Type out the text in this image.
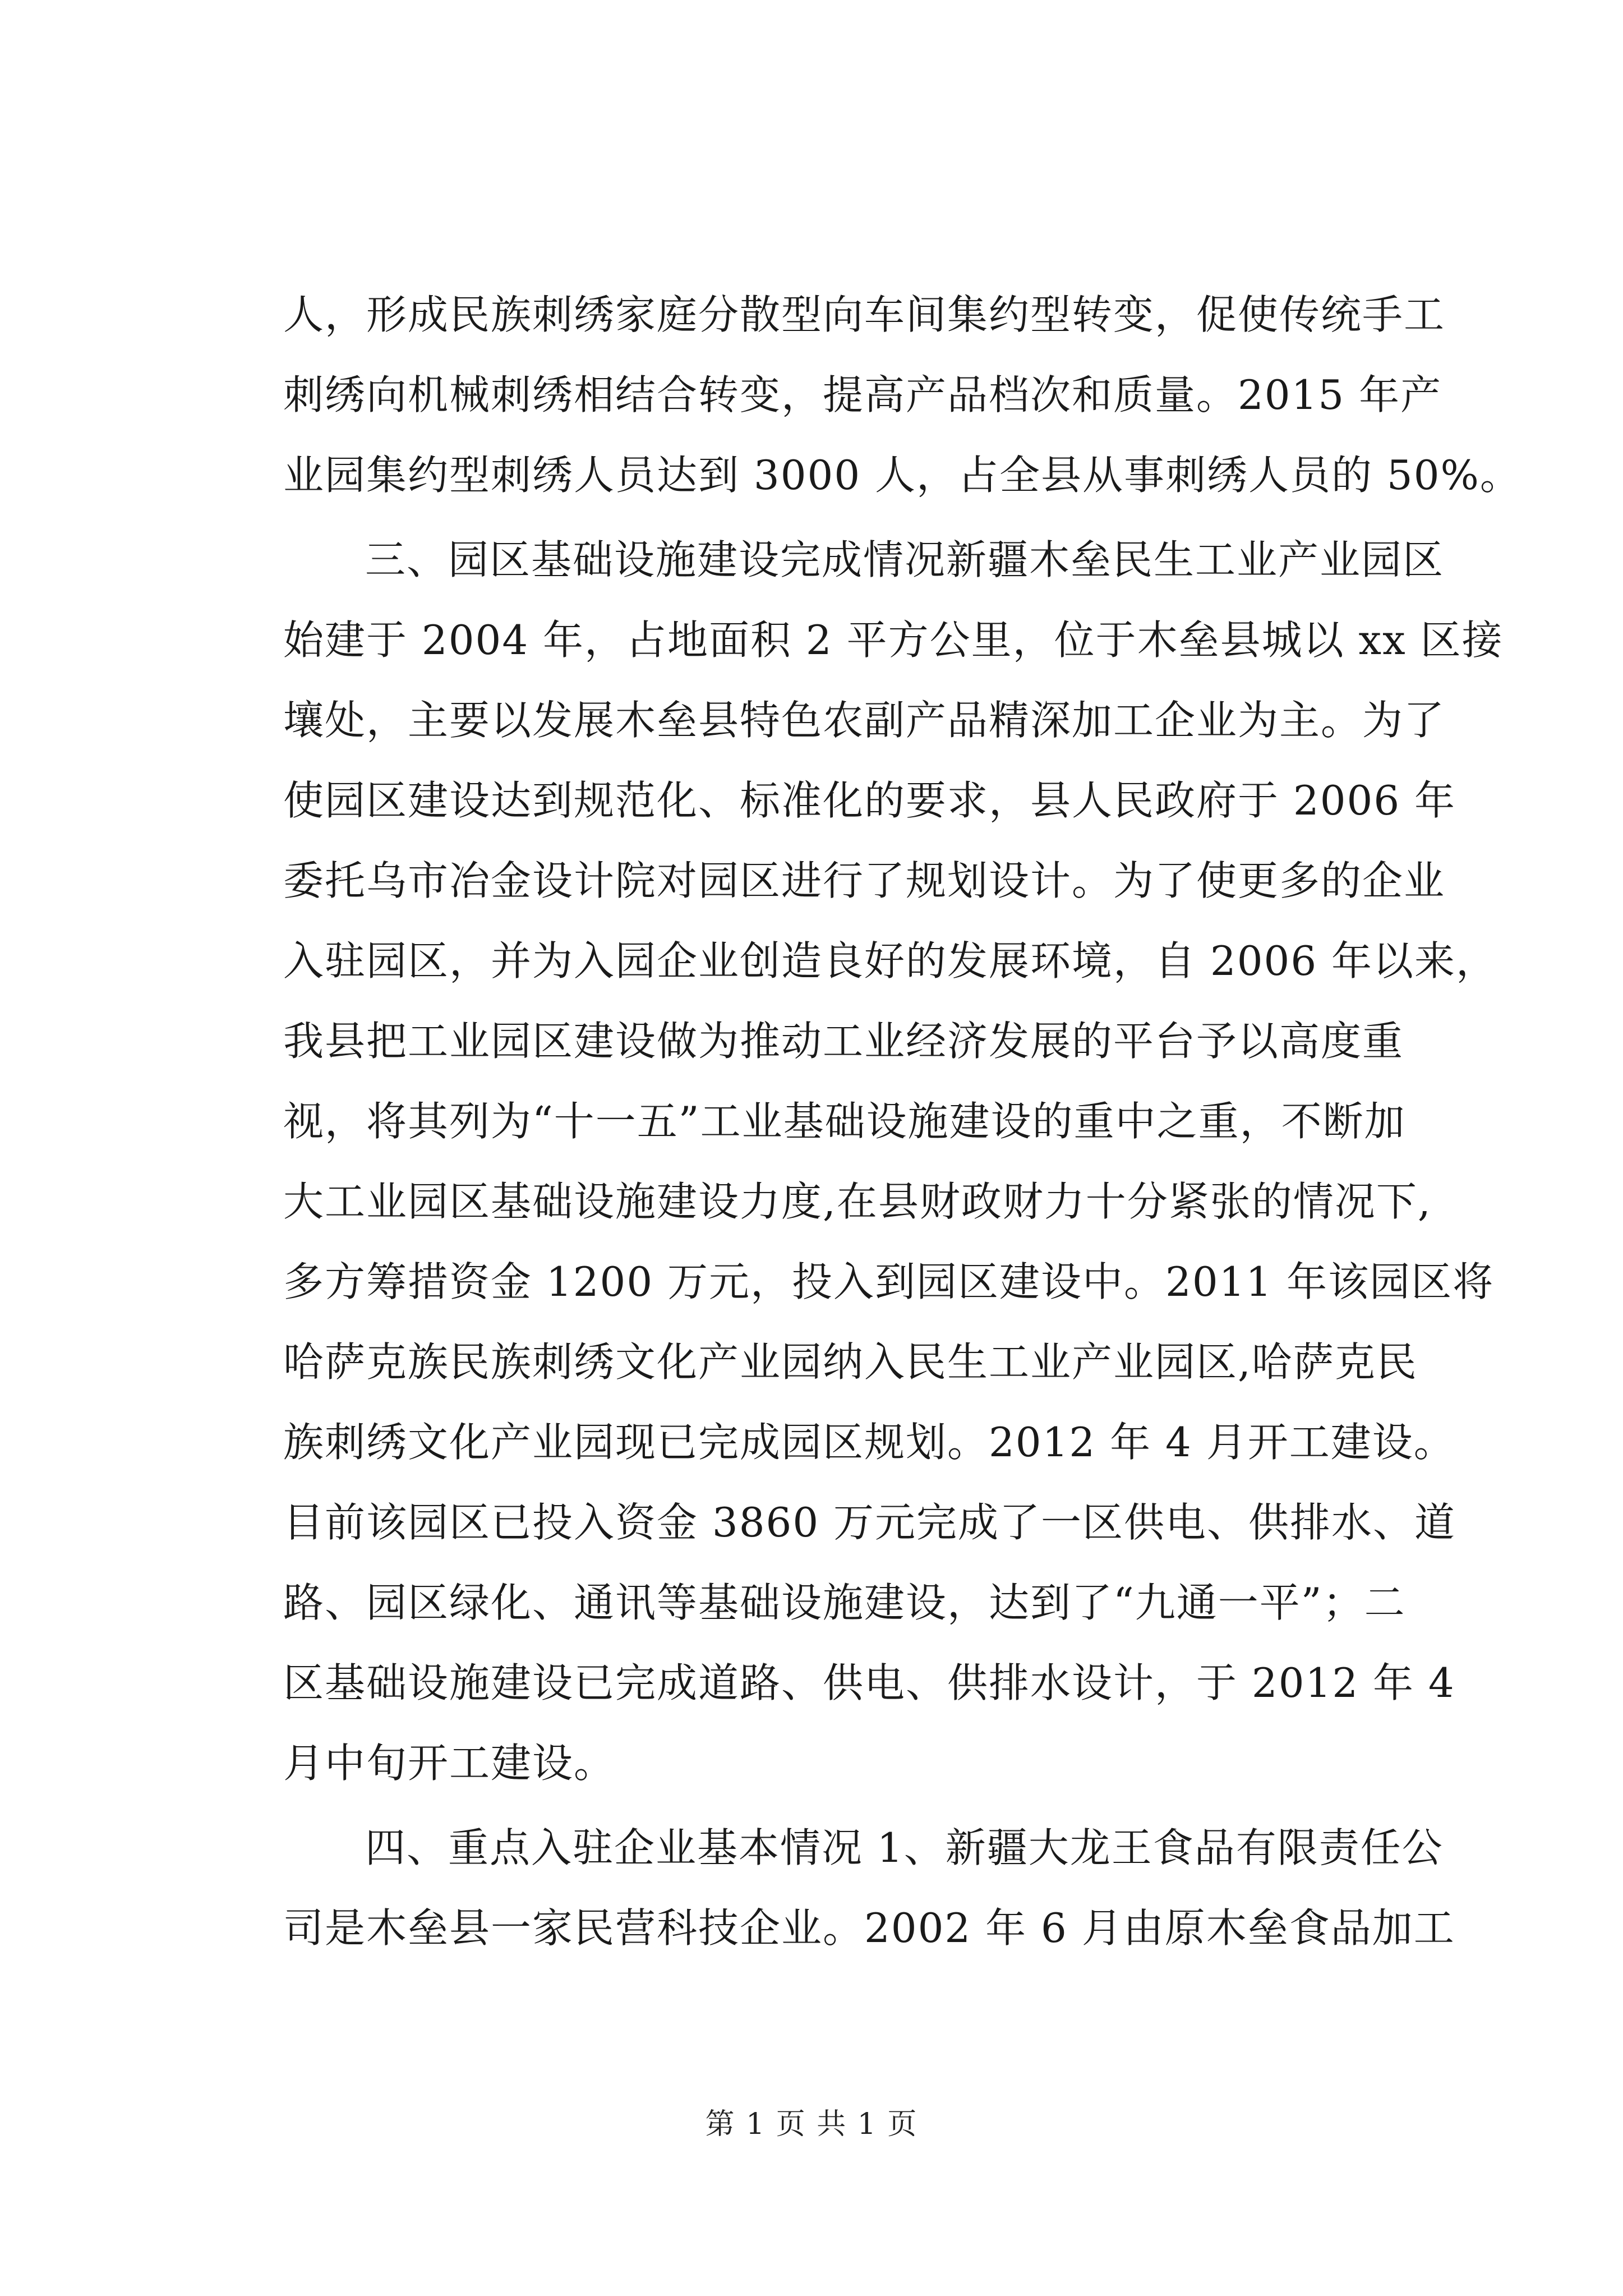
人，形成民族刺绣家庭分散型向车间集约型转变，促使传统手工
刺绣向机械刺绣相结合转变，提高产品档次和质量。2015 年产
业园集约型刺绣人员达到 3000 人，占全县从事刺绣人员的 50%。
三、园区基础设施建设完成情况新疆木垒民生工业产业园区
始建于 2004 年，占地面积 2 平方公里，位于木垒县城以 xx 区接
壤处，主要以发展木垒县特色农副产品精深加工企业为主。为了
使园区建设达到规范化、标准化的要求，县人民政府于 2006 年
委托乌市冶金设计院对园区进行了规划设计。为了使更多的企业
入驻园区，并为入园企业创造良好的发展环境，自 2006 年以来，
我县把工业园区建设做为推动工业经济发展的平台予以高度重
视，将其列为“十一五”工业基础设施建设的重中之重，不断加
大工业园区基础设施建设力度,在县财政财力十分紧张的情况下,
多方筹措资金 1200 万元，投入到园区建设中。2011 年该园区将
哈萨克族民族刺绣文化产业园纳入民生工业产业园区,哈萨克民
族刺绣文化产业园现已完成园区规划。2012 年 4 月开工建设。
目前该园区已投入资金 3860 万元完成了一区供电、供排水、道
路、园区绿化、通讯等基础设施建设，达到了“九通一平”；二
区基础设施建设已完成道路、供电、供排水设计，于 2012 年 4
月中旬开工建设。
四、重点入驻企业基本情况 1、新疆大龙王食品有限责任公
司是木垒县一家民营科技企业。2002 年 6 月由原木垒食品加工
第 1 页 共 1 页
